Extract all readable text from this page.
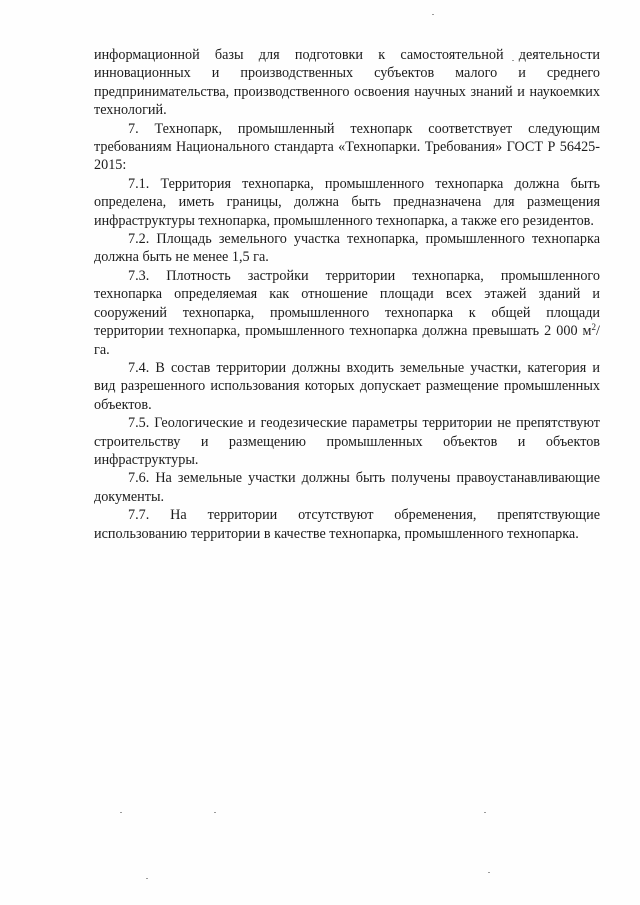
информационной базы для подготовки к самостоятельной деятельности инновационных и производственных субъектов малого и среднего предпринимательства, производственного освоения научных знаний и наукоемких технологий.

7. Технопарк, промышленный технопарк соответствует следующим требованиям Национального стандарта «Технопарки. Требования» ГОСТ Р 56425-2015:

7.1. Территория технопарка, промышленного технопарка должна быть определена, иметь границы, должна быть предназначена для размещения инфраструктуры технопарка, промышленного технопарка, а также его резидентов.

7.2. Площадь земельного участка технопарка, промышленного технопарка должна быть не менее 1,5 га.

7.3. Плотность застройки территории технопарка, промышленного технопарка определяемая как отношение площади всех этажей зданий и сооружений технопарка, промышленного технопарка к общей площади территории технопарка, промышленного технопарка должна превышать 2 000 $м^2/га$.

7.4. В состав территории должны входить земельные участки, категория и вид разрешенного использования которых допускает размещение промышленных объектов.

7.5. Геологические и геодезические параметры территории не препятствуют строительству и размещению промышленных объектов и объектов инфраструктуры.

7.6. На земельные участки должны быть получены правоустанавливающие документы.

7.7. На территории отсутствуют обременения, препятствующие использованию территории в качестве технопарка, промышленного технопарка.
